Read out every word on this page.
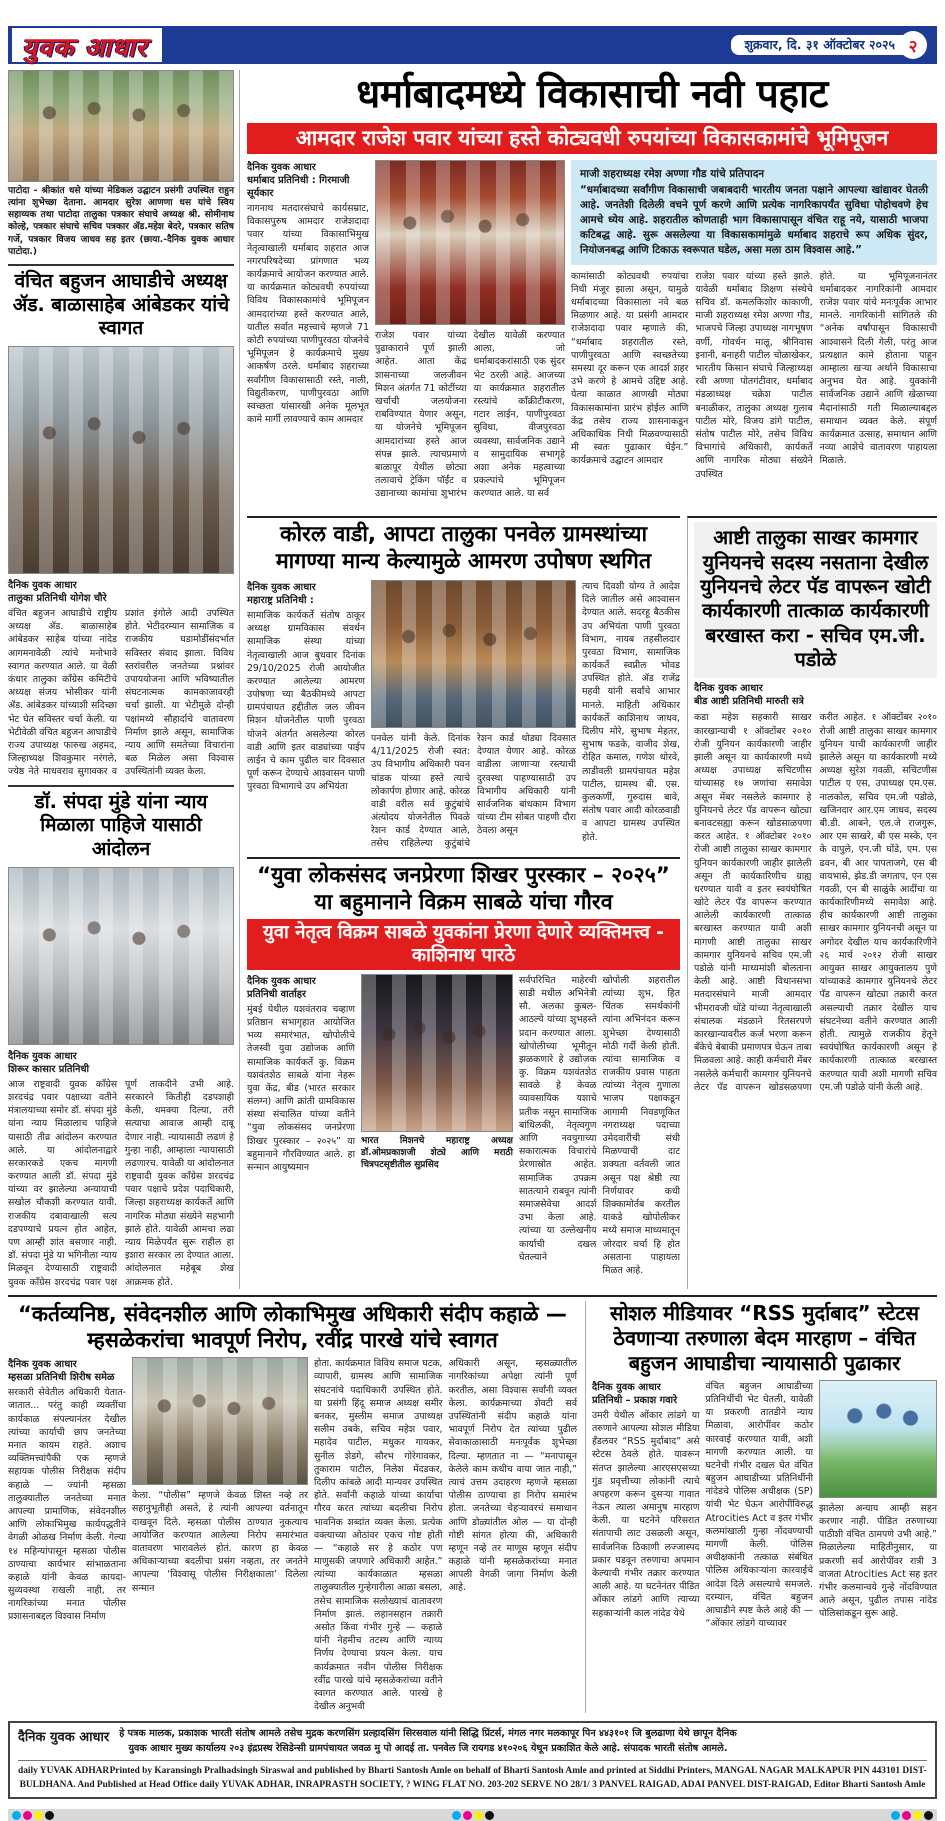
युवक आधार	शुक्रवार, दि. ३१ ऑक्टोबर २०२५ २
पाटोदा - श्रीकांत धसे यांच्या मेडिकल उद्घाटन प्रसंगी उपस्थित राहुन त्यांना शुभेच्छा देताना. आमदार सुरेश आणणा धस यांचे स्विय सहाय्यक तथा पाटोदा तालुका पत्रकार संघाचे अध्यक्ष श्री. सोमीनाथ कोल्हे, पत्रकार संघाचे सचिव पत्रकार ॲड.महेश बेदरे, पत्रकार सतिष गर्जे, पत्रकार विजय जाधव सह इतर (छाया.-दैनिक युवक आधार पाटोदा.)
वंचित बहुजन आघाडीचे अध्यक्ष ॲड. बाळासाहेब आंबेडकर यांचे स्वागत
दैनिक युवक आधार
तालुका प्रतिनिधी योगेश चौरे
वंचित बहुजन आघाडीचे राष्ट्रीय अध्यक्ष ॲड. बाळासाहेब आंबेडकर साहेब यांच्या नांदेड आगमनावेळी त्यांचे मनोभावे स्वागत करण्यात आले. या वेळी कंधार तालुका काँग्रेस कमिटीचे अध्यक्ष संजय भोसीकर यांनी ॲड. आंबेडकर यांच्याशी सदिच्छा भेट घेत सविस्तर चर्चा केली. या भेटीवेळी वंचित बहुजन आघाडीचे राज्य उपाध्यक्ष फारुख अहमद, जिल्हाध्यक्ष शिवकुमार नरंगले, ज्येष्ठ नेते माधवराव सुगावकर व प्रशांत इंगोले आदी उपस्थित होते. भेटीदरम्यान सामाजिक व राजकीय घडामोडींसंदर्भात सविस्तर संवाद झाला. विविध स्तरांवरील जनतेच्या प्रश्नांवर उपाययोजना आणि भविष्यातील संघटनात्मक कामकाजावरही चर्चा झाली. या भेटीमुळे दोन्ही पक्षांमध्ये सौहार्दाचे वातावरण निर्माण झाले असून, सामाजिक न्याय आणि समतेच्या विचारांना बळ मिळेल असा विश्वास उपस्थितांनी व्यक्त केला.
डॉ. संपदा मुंडे यांना न्याय मिळाला पाहिजे यासाठी आंदोलन
दैनिक युवक आधार
शिरूर कासार प्रतिनिधी
आज राष्ट्रवादी युवक काँग्रेस शरदचंद्र पवार पक्षाच्या वतीने मंत्रालयाच्या समोर डॉ. संपदा मुंडे यांना न्याय मिळालाच पाहिजे यासाठी तीव्र आंदोलन करण्यात आले. या आंदोलनाद्वारे सरकारकडे एकच मागणी करण्यात आली डॉ. संपदा मुंडे यांच्या वर झालेल्या अन्यायाची सखोल चौकशी करण्यात यावी. राजकीय दबावाखाली सत्य दडपण्याचे प्रयत्न होत आहेत, पण आम्ही शांत बसणार नाही. डॉ. संपदा मुंडे या भगिनीला न्याय मिळवून देण्यासाठी राष्ट्रवादी युवक काँग्रेस शरदचंद्र पवार पक्ष पूर्ण ताकदीने उभी आहे. सरकारने कितीही दडपशाही केली, धमक्या दिल्या, तरी सत्याचा आवाज आम्ही दाबू देणार नाही. न्यायासाठी लढणं हे गुन्हा नाही, आम्हाला न्यायासाठी लढणारच. यावेळी या आंदोलनात राष्ट्रवादी युवक काँग्रेस शरदचंद्र पवार पक्षाचे प्रदेश पदाधिकारी, जिल्हा शहराध्यक्ष कार्यकर्ते आणि नागरिक मोठ्या संख्येने सहभागी झाले होते. यावेळी आमचा लढा न्याय मिळेपर्यंत सुरू राहील हा इशारा सरकार ला देण्यात आला. आंदोलनात महेबूब शेख आक्रमक होते.
धर्माबादमध्ये विकासाची नवी पहाट
आमदार राजेश पवार यांच्या हस्ते कोट्यवधी रुपयांच्या विकासकामांचे भूमिपूजन
दैनिक युवक आधार
धर्माबाद प्रतिनिधी : गिरमाजी सूर्यकार
नागनाथ मतदारसंघाचे कार्यसम्राट, विकासपुरुष आमदार राजेशदादा पवार यांच्या विकासाभिमुख नेतृत्वाखाली धर्माबाद शहरात आज नगरपरिषदेच्या प्रांगणात भव्य कार्यक्रमाचे आयोजन करण्यात आले. या कार्यक्रमात कोट्यवधी रुपयांच्या विविध विकासकामांचे भूमिपूजन आमदारांच्या हस्ते करण्यात आले, यातील सर्वात महत्त्वाचे म्हणजे 71 कोटी रुपयांच्या पाणीपुरवठा योजनेचे भूमिपूजन हे कार्यक्रमाचे मुख्य आकर्षण ठरले. धर्माबाद शहराच्या सर्वांगीण विकासासाठी रस्ते, नाली, विद्युतीकरण, पाणीपुरवठा आणि स्वच्छता यांसारखी अनेक मूलभूत कामे मार्गी लावण्याचे काम आमदार
राजेश पवार यांच्या पुढाकाराने पूर्ण झाली आहेत. आता केंद्र शासनाच्या जलजीवन मिशन अंतर्गत 71 कोटींच्या खर्चाची जलयोजना राबविण्यात येणार असून, या योजनेचे भूमिपूजन आमदारांच्या हस्ते आज संपन्न झाले. त्याचप्रमाणे बाळापूर येथील छोट्या तलावाचे ट्रेकिंग पॉईंट व उद्यानाच्या कामांचा शुभारंभ देखील यावेळी करण्यात आला, जो धर्माबादकरांसाठी एक सुंदर भेट ठरली आहे. आजच्या या कार्यक्रमात शहरातील रस्त्यांचे काँक्रीटीकरण, गटार लाईन, पाणीपुरवठा सुविधा, वीजपुरवठा व्यवस्था, सार्वजनिक उद्याने व सामुदायिक सभागृहे अशा अनेक महत्वाच्या प्रकल्पांचे भूमिपूजन करण्यात आले. या सर्व
माजी शहराध्यक्ष रमेश अण्णा गौड यांचे प्रतिपादन
“धर्माबादच्या सर्वांगीण विकासाची जबाबदारी भारतीय जनता पक्षाने आपल्या खांद्यावर घेतली आहे. जनतेशी दिलेली वचने पूर्ण करणे आणि प्रत्येक नागरिकापर्यंत सुविधा पोहोचवणे हेच आमचे ध्येय आहे. शहरातील कोणताही भाग विकासापासून वंचित राहू नये, यासाठी भाजपा कटिबद्ध आहे. सुरू असलेल्या या विकासकामांमुळे धर्माबाद शहराचे रूप अधिक सुंदर, नियोजनबद्ध आणि टिकाऊ स्वरूपात घडेल, असा मला ठाम विश्वास आहे.”
कामांसाठी कोट्यवधी रुपयांचा निधी मंजूर झाला असून, यामुळे धर्माबादच्या विकासाला नवे बळ मिळणार आहे. या प्रसंगी आमदार राजेशदादा पवार म्हणाले की, “धर्माबाद शहरातील रस्ते, पाणीपुरवठा आणि स्वच्छतेच्या समस्या दूर करून एक आदर्श शहर उभे करणे हे आमचे उद्दिष्ट आहे. येत्या काळात आणखी मोठ्या विकासकामांना प्रारंभ होईल आणि केंद्र तसेच राज्य शासनाकडून अधिकाधिक निधी मिळवण्यासाठी मी स्वतः पुढाकार घेईन.” कार्यक्रमाचे उद्घाटन आमदार
राजेश पवार यांच्या हस्ते झाले. यावेळी धर्माबाद शिक्षण संस्थेचे सचिव डॉ. कमलकिशोर काकाणी, माजी शहराध्यक्ष रमेश अण्णा गौड, भाजपचे जिल्हा उपाध्यक्ष नागभूषण वर्णी, गोवर्धन मालू, श्रीनिवास इनानी, बनाहरी पाटील चोळाखेकर, भारतीय किसान संघाचे जिल्हाध्यक्ष रवी अण्णा पोतगंटीवार, धर्माबाद मंडळाध्यक्ष चक्रेश पाटील बनाळीकर, तालुका अध्यक्ष गुलाब पाटील मोरे, विजय डांगे पाटील, संतोष पाटील मोरे, तसेच विविध विभागांचे अधिकारी, कार्यकर्ते आणि नागरिक मोठ्या संख्येने उपस्थित
होते. या भूमिपूजनानंतर धर्माबादकर नागरिकांनी आमदार राजेश पवार यांचे मनःपूर्वक आभार मानले. नागरिकांनी सांगितले की “अनेक वर्षांपासून विकासाची आश्वासने दिली गेली, परंतु आज प्रत्यक्षात कामे होताना पाहून आम्हाला खऱ्या अर्थाने विकासाचा अनुभव येत आहे. युवकांनी सार्वजनिक उद्याने आणि खेळाच्या मैदानांसाठी गती मिळाल्याबद्दल समाधान व्यक्त केले. संपूर्ण कार्यक्रमात उत्साह, समाधान आणि नव्या आशेचे वातावरण पाहायला मिळाले.
कोरल वाडी, आपटा तालुका पनवेल ग्रामस्थांच्या मागण्या मान्य केल्यामुळे आमरण उपोषण स्थगित
दैनिक युवक आधार
महाराष्ट्र प्रतिनिधी :
सामाजिक कार्यकर्ते संतोष ठाकूर अध्यक्ष ग्रामविकास संवर्धन सामाजिक संस्था यांच्या नेतृत्वाखाली आज बुधवार दिनांक 29/10/2025 रोजी आयोजीत करण्यात आलेल्या आमरण उपोषणा च्या बैठकीमध्ये आपटा ग्रामपंचायत हद्दीतील जल जीवन मिशन योजनेतील पाणी पुरवठा योजने अंतर्गत असलेल्या कोरल वाडी आणि इतर वाड्यांच्या पाईप लाईन चे काम पुढील चार दिवसात पूर्ण करून देण्याचे आश्वासन पाणी पुरवठा विभागाचे उप अभियंता
पनवेल यांनी केले. दिनांक 4/11/2025 रोजी स्वत: उप विभागीय अधिकारी पवन चांडक यांच्या हस्ते त्याचे लोकार्पण होणार आहे. कोरळ वाडी वरील सर्व कुटुंबांचे अंत्योदय योजनेतील पिवळे रेशन कार्ड देण्यात आले, तसेच राहिलेल्या कुटुंबांचे रेशन कार्ड थोड्या दिवसात देण्यात येणार आहे. कोरळ वाडीला जाणाऱ्या रस्त्याची दुरवस्था पाहण्यासाठी उप विभागीय अधिकारी यांनी सार्वजनिक बांधकाम विभाग यांच्या टीम सोबत पाहणी दौरा ठेवला असून
त्याच दिवशी योग्य ते आदेश दिले जातील असे आश्वासन देण्यात आले. सदरहू बैठकीस उप अभियंता पाणी पुरवठा विभाग, नायब तहसीलदार पुरवठा विभाग, सामाजिक कार्यकर्ते स्वप्नील भोवड उपस्थित होते. ॲड राजेंद्र महवी यांनी सर्वांचे आभार मानले. माहिती अधिकार कार्यकर्ते काशिनाथ जाधव, दिलीप मोरे, सुभाष मेहतर, सुभाष फडके, वाजीद शेख, रोहित कमाल, गणेश थोरवे, लाडीवली ग्रामपंचायत महेश पाटील, ग्रामस्थ बी. एस. कुलकर्णी, गुरुदास बावे, संतोष पवार आदी कोरळवाडी व आपटा ग्रामस्थ उपस्थित होते.
“युवा लोकसंसद जनप्रेरणा शिखर पुरस्कार – २०२५” या बहुमानाने विक्रम साबळे यांचा गौरव
युवा नेतृत्व विक्रम साबळे युवकांना प्रेरणा देणारे व्यक्तिमत्त्व - काशिनाथ पारठे
दैनिक युवक आधार
प्रतिनिधी वार्ताहर
मुंबई येथील यशवंतराव चव्हाण प्रतिष्ठान सभागृहात आयोजित भव्य समारंभात, खोपोलीचे तेजस्वी युवा उद्योजक आणि सामाजिक कार्यकर्ते कु. विक्रम यशवंतशेठ साबळे यांना नेहरू युवा केंद्र, बीड (भारत सरकार संलग्न) आणि क्रांती ग्रामविकास संस्था संचालित यांच्या वतीने “युवा लोकसंसद जनप्रेरणा शिखर पुरस्कार – २०२५” या बहुमानाने गौरविण्यात आले. हा सन्मान आयुष्यमान
भारत मिशनचे महाराष्ट्र अध्यक्ष डॉ.ओमप्रकाशजी शेट्ये आणि मराठी चित्रपटसृष्टीतील सुप्रसिद
सर्वपरिचित माहेरची साडी मधील अभिनेत्री सौ. अलका कुबल-आठल्ये यांच्या शुभहस्ते प्रदान करण्यात आला. खोपोलीच्या भूमीतून झळकणारे हे उद्योजक कु. विक्रम यशवंतशेठ सावळे हे केवळ व्यावसायिक यशाचे प्रतीक नसून सामाजिक बांधिलकी, नेतृत्वगुण आणि नवयुगाच्या सकारात्मक विचारांचे प्रेरणास्रोत आहेत. सामाजिक उपक्रम सातत्याने राबवून त्यांनी समाजसेवेचा आदर्श उभा केला आहे. त्यांच्या या उल्लेखनीय कार्याची दखल घेतल्याने
खोपोली शहरातील त्यांच्या शुभ, हित चिंतक समर्थकांनी त्यांना अभिनंदन करून शुभेच्छा देण्यासाठी मोठी गर्दी केली होती. त्यांचा सामाजिक व राजकीय प्रवास पाहता त्यांच्या नेतृत्व गुणाला भाजप पक्षाकडून आगामी निवडणूकित नगराध्यक्ष पदाच्या उमेदवारीची संधी मिळण्याची दाट शक्यता वर्तवली जात असून पक्ष श्रेष्ठी त्या निर्णयावर कधी शिक्कामोर्तब करतील याकडे खोपोलीकर मध्ये समाज माध्यमातून जोरदार चर्चा हि होत असताना पाहायला मिळत आहे.
आष्टी तालुका साखर कामगार युनियनचे सदस्य नसताना देखील युनियनचे लेटर पॅड वापरून खोटी कार्यकारणी तात्काळ कार्यकारणी बरखास्त करा - सचिव एम.जी. पडोळे
दैनिक युवक आधार
बीड आष्टी प्रतिनिधी मारुती सत्रे
कडा महेश सहकारी साखर कारखान्याची १ ऑक्टोंबर २०१० रोजी युनियन कार्यकारणी जाहीर झाली असून या कार्यकारणी मध्ये अध्यक्ष उपाध्यक्ष सचिटणीस यांच्यासह १७ जणांचा समावेश असून मेंबर नसलेले कामगार हे युनियनचे लेटर पॅड वापरून खोट्या बनावटसह्या करून खोडसाळपणा करत आहेत. १ ऑक्टोबर २०१० रोजी आष्टी तालुका साखर कामगार युनियन कार्यकारणी जाहीर झालेली असून ती कार्यकारिणीच ग्राह्य धरण्यात यावी व इतर स्वयंघोषित खोटे लेटर पॅड वापरून करण्यात आलेली कार्यकारणी तात्काळ बरखास्त करण्यात यावी अशी मागणी आष्टी तालुका साखर कामगार युनियनचे सचिव एम.जी पडोळे यांनी माध्यमांशी बोलताना केली आहे. आष्टी विधानसभा मतदारसंघाने माजी आमदार भीमरावजी धोंडे यांच्या नेतृत्वाखाली संचालक मंडळाने रितसरपणे कारखान्यावरील कर्ज भरणा करून बँकेचे बेबाकी प्रमाणपत्र घेऊन ताबा मिळवला आहे. काही कर्मचारी मेंबर नसलेले कर्मचारी कामगार युनियनचे लेटर पॅड वापरून खोडसळपणा करीत आहेत. १ ऑक्टोंबर २०१० रोजी आष्टी तालुका साखर कामगार युनियन याची कार्यकारणी जाहीर झालेले असून या कार्यकारणी मध्ये अध्यक्ष सुरेश गवळी, सचिटणीस पाटील ए एस, उपाध्यक्ष एम.एस. नालकोल, सचिव एम.जी पडोळे, खजिनदार आर.एम जाधव, सदस्य बी.डी. आबने, एल.जे राजगुरू, आर एम साखरे, बी एस मस्के, एन के वापुले, एन.जी घोंडे, एम. एस ढवन, बी आर पापताजगे, एस बी वायभासे, झेड.डी जगताप, एन एस गवळी, एन बी साळुंके आदींचा या कार्यकारिणीमध्ये समावेश आहे. हीच कार्यकारणी आष्टी तालुका साखर कामगार युनियनची असून या अगोदर देखील याच कार्यकारिणीने २६ मार्च २०१२ रोजी साखर आयुक्त साखर आयुक्तालय पुणे यांच्याकडे कामगार युनियनचे लेटर पॅड वापरून खोट्या तक्रारी करत असल्याची तक्रार देखील याच संघटनेच्या वतीने करण्यात आली होती. त्यामुळे राजकीय हेतूने स्वयंघोषित कार्यकारणी असून हे कार्यकारणी तात्काळ बरखास्त करण्यात यावी अशी मागणी सचिव एम.जी पडोळे यांनी केली आहे.
“कर्तव्यनिष्ठ, संवेदनशील आणि लोकाभिमुख अधिकारी संदीप कहाळे — म्हसळेकरांचा भावपूर्ण निरोप, रवींद्र पारखे यांचे स्वागत
दैनिक युवक आधार
म्हसळा प्रतिनिधी शिरीष समेळ
सरकारी सेवेतील अधिकारी येतात-जातात... परंतु काही व्यक्तींचा कार्यकाळ संपल्यानंतर देखील त्यांच्या कार्याची छाप जनतेच्या मनात कायम राहते. अशाच व्यक्तिमत्त्वांपैकी एक म्हणजे सहायक पोलीस निरीक्षक संदीप कहाळे — ज्यांनी म्हसळा तालुक्यातील जनतेच्या मनात आपल्या प्रामाणिक, संवेदनशील आणि लोकाभिमुख कार्यपद्धतीने वेगळी ओळख निर्माण केली. गेल्या १४ महिन्यांपासून म्हसळा पोलीस ठाण्याचा कार्यभार सांभाळताना कहाळे यांनी केवळ कायदा-सुव्यवस्था राखली नाही, तर नागरिकांच्या मनात पोलीस प्रशासनाबद्दल विश्वास निर्माण
केला. “पोलीस” म्हणजे केवळ शिस्त नव्हे तर सहानुभूतीही असते, हे त्यांनी आपल्या वर्तनातून दाखवून दिले. म्हसळा पोलीस ठाण्यात नुकत्याच आयोजित करण्यात आलेल्या निरोप समारंभात वातावरण भारावलेलं होतं. कारण हा केवळ अधिकाऱ्याच्या बदलीचा प्रसंग नव्हता, तर जनतेने आपल्या ‘विश्वासू पोलीस निरीक्षकाला’ दिलेला सन्मान
होता. कार्यक्रमात विविध समाज घटक, व्यापारी, ग्रामस्थ आणि सामाजिक संघटनांचे पदाधिकारी उपस्थित होते. या प्रसंगी हिंदू समाज अध्यक्ष समीर बनकर, मुस्लीम समाज उपाध्यक्ष सलीम उबके, सचिव महेश पवार, महादेव पाटील, मधुकर गायकर, सुनील शेडगे, सौरभ गोरेगावकर, तुकाराम पाटील, निलेश मेंदडकर, दिलीप कांबळे आदी मान्यवर उपस्थित होते. सर्वांनी कहाळे यांच्या कार्याचा गौरव करत त्यांच्या बदलीचा निरोप भावनिक शब्दांत व्यक्त केला. प्रत्येक वक्त्याच्या ओठांवर एकच गोष्ट होती — “कहाळे सर हे कठोर पण माणुसकी जपणारे अधिकारी आहेत.” त्यांच्या कार्यकाळात म्हसळा तालुक्यातील गुन्हेगारीला आळा बसला, तसेच सामाजिक सलोख्याचं वातावरण निर्माण झालं. लहानसहान तक्रारी असोत किंवा गंभीर गुन्हे — कहाळे यांनी नेहमीच तटस्थ आणि न्याय्य निर्णय देण्याचा प्रयत्न केला. याच कार्यक्रमात नवीन पोलीस निरीक्षक रवींद्र पारखे यांचे म्हसळेकरांच्या वतीने स्वागत करण्यात आले. पारखे हे देखील अनुभवी
अधिकारी असून, म्हसळ्यातील नागरिकांच्या अपेक्षा त्यांनी पूर्ण करतील, असा विश्वास सर्वांनी व्यक्त केला. कार्यक्रमाच्या शेवटी सर्व उपस्थितांनी संदीप कहाळे यांना भावपूर्ण निरोप देत त्यांच्या पुढील सेवाकाळासाठी मनःपूर्वक शुभेच्छा दिल्या. म्हणतात ना — “मनापासून केलेले काम कधीच वाया जात नाही,” त्याचं उत्तम उदाहरण म्हणजे म्हसळा पोलीस ठाण्याचा हा निरोप समारंभ होता. जनतेच्या चेहऱ्यावरचं समाधान आणि डोळ्यांतील ओल — या दोन्ही गोष्टी सांगत होत्या की, अधिकारी म्हणून नव्हे तर माणूस म्हणून संदीप कहाळे यांनी म्हसळेकरांच्या मनात आपली वेगळी जागा निर्माण केली आहे.
सोशल मीडियावर “RSS मुर्दाबाद” स्टेटस ठेवणाऱ्या तरुणाला बेदम मारहाण – वंचित बहुजन आघाडीचा न्यायासाठी पुढाकार
दैनिक युवक आधार
प्रतिनिधी – प्रकाश गवारे
उमरी येथील ओंकार लांडगे या तरुणाने आपल्या सोशल मीडिया हँडलवर “RSS मुर्दाबाद” असे स्टेटस ठेवले होते. यावरून संतप्त झालेल्या आरएसएसच्या गुंड प्रवृत्तीच्या लोकांनी त्याचे अपहरण करून दुसऱ्या गावात नेऊन त्याला अमानुष मारहाण केली. या घटनेने परिसरात संतापाची लाट उसळली असून, सार्वजनिक ठिकाणी लज्जास्पद प्रकार घडवून तरुणाचा अपमान केल्याची गंभीर तक्रार करण्यात आली आहे. या घटनेनंतर पीडित ओंकार लांडगे आणि त्याच्या सहकाऱ्यांनी काल नांदेड येथे
वंचित बहुजन आघाडीच्या प्रतिनिधींची भेट घेतली, यावेळी या प्रकरणी तातडीने न्याय मिळावा, आरोपींवर कठोर कारवाई करण्यात यावी, अशी मागणी करण्यात आली. या घटनेची गंभीर दखल घेत वंचित बहुजन आघाडीच्या प्रतिनिधींनी नांदेडचे पोलिस अधीक्षक (SP) यांची भेट घेऊन आरोपींविरुद्ध Atrocities Act व इतर गंभीर कलमांखाली गुन्हा नोंदवण्याची मागणी केली. पोलिस अधीक्षकांनी तत्काळ संबंधित पोलिस अधिकाऱ्यांना कारवाईचे आदेश दिले असल्याचे समजले. दरम्यान, वंचित बहुजन आघाडीने स्पष्ट केले आहे की — “ओंकार लांडगे याच्यावर
झालेला अन्याय आम्ही सहन करणार नाही. पीडित तरुणाच्या पाठीशी वंचित ठामपणे उभी आहे.” मिळालेल्या माहितीनुसार, या प्रकरणी सर्व आरोपींवर रात्री 3 वाजता Atrocities Act सह इतर गंभीर कलमान्वये गुन्हे नोंदविण्यात आले असून, पुढील तपास नांदेड पोलिसांकडून सुरू आहे.
दैनिक युवक आधार हे पत्रक मालक, प्रकाशक भारती संतोष आमले तसेच मुद्रक करणसिंग प्रल्हादसिंग सिरसवाल यांनी सिद्धि प्रिंटर्स, मंगल नगर मलकापूर पिन ४४३१०१ जि बुलढाणा येथे छापून दैनिक
युवक आधार मुख्य कार्यालय २०३ इंद्रप्रस्थ रेसिडेन्सी ग्रामपंचायत जवळ मु पो आदई ता. पनवेल जि रायगड ४१०२०६ येथून प्रकाशित केले आहे. संपादक भारती संतोष आमले.
daily YUVAK ADHAR Printed by Karansingh Pralhadsingh Siraswal and published by Bharti Santosh Amle on behalf of Bharti Santosh Amle and printed at Siddhi Printers, MANGAL NAGAR MALKAPUR PIN 443101 DIST- BULDHANA. And Published at Head Office daily YUVAK ADHAR, INRAPRASTH SOCIETY, ? WING FLAT NO. 203-202 SERVE NO 28/1/ 3 PANVEL RAIGAD, ADAI PANVEL DIST-RAIGAD, Editor Bharti Santosh Amle
